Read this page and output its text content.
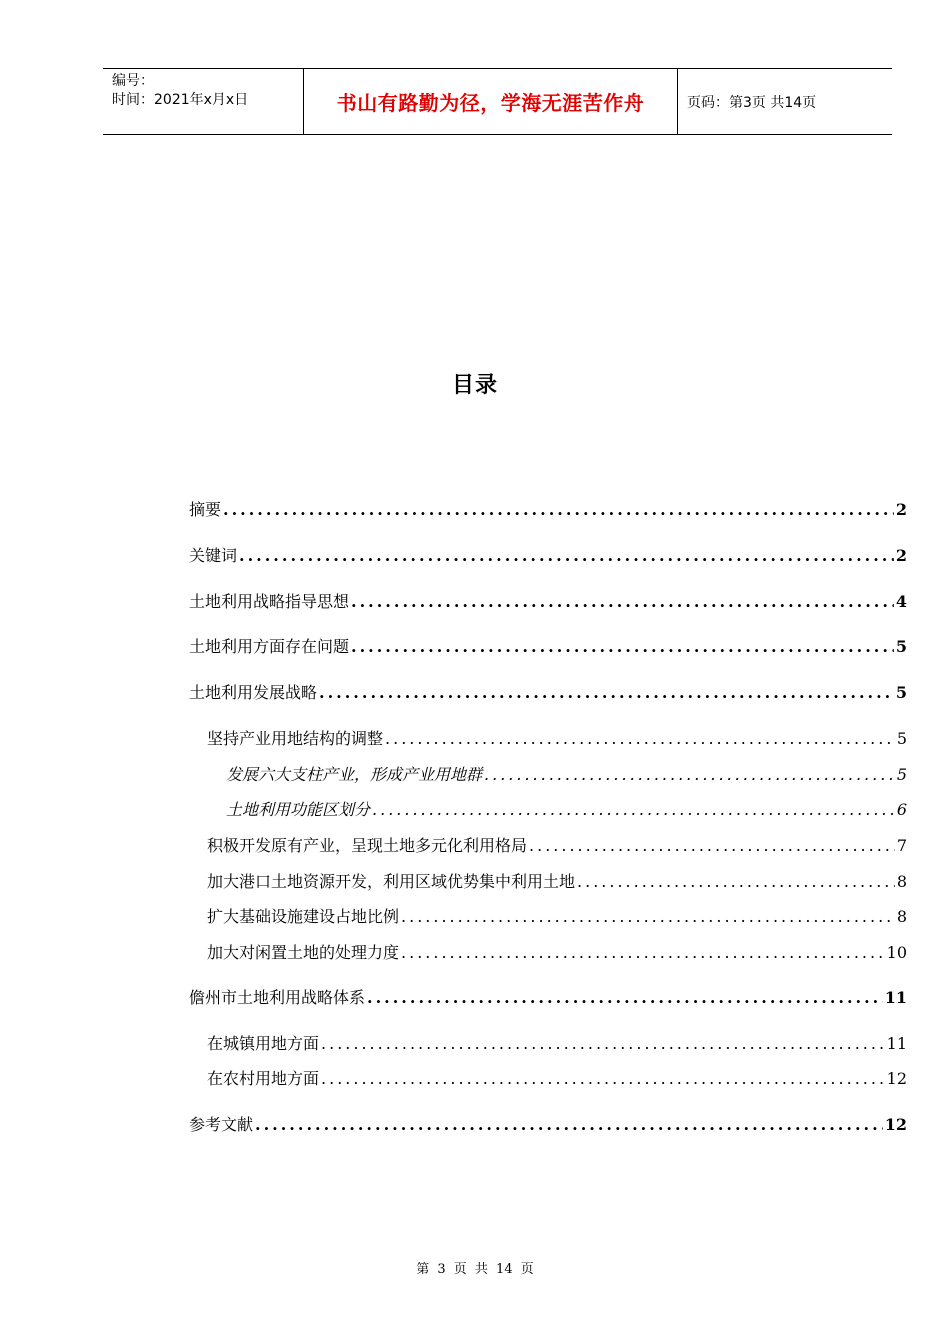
编号：
时间：2021年x月x日	书山有路勤为径，学海无涯苦作舟	页码：第3页 共14页
目录
摘要 .....	2
关键词 .....	2
土地利用战略指导思想 .....	4
土地利用方面存在问题 .....	5
土地利用发展战略 .....	5
坚持产业用地结构的调整 .....	5
发展六大支柱产业，形成产业用地群 .....	5
土地利用功能区划分 .....	6
积极开发原有产业，呈现土地多元化利用格局 .....	7
加大港口土地资源开发，利用区域优势集中利用土地 .....	8
扩大基础设施建设占地比例 .....	8
加大对闲置土地的处理力度 .....	10
儋州市土地利用战略体系 .....	11
在城镇用地方面 .....	11
在农村用地方面 .....	12
参考文献 .....	12
第 3 页 共 14 页
